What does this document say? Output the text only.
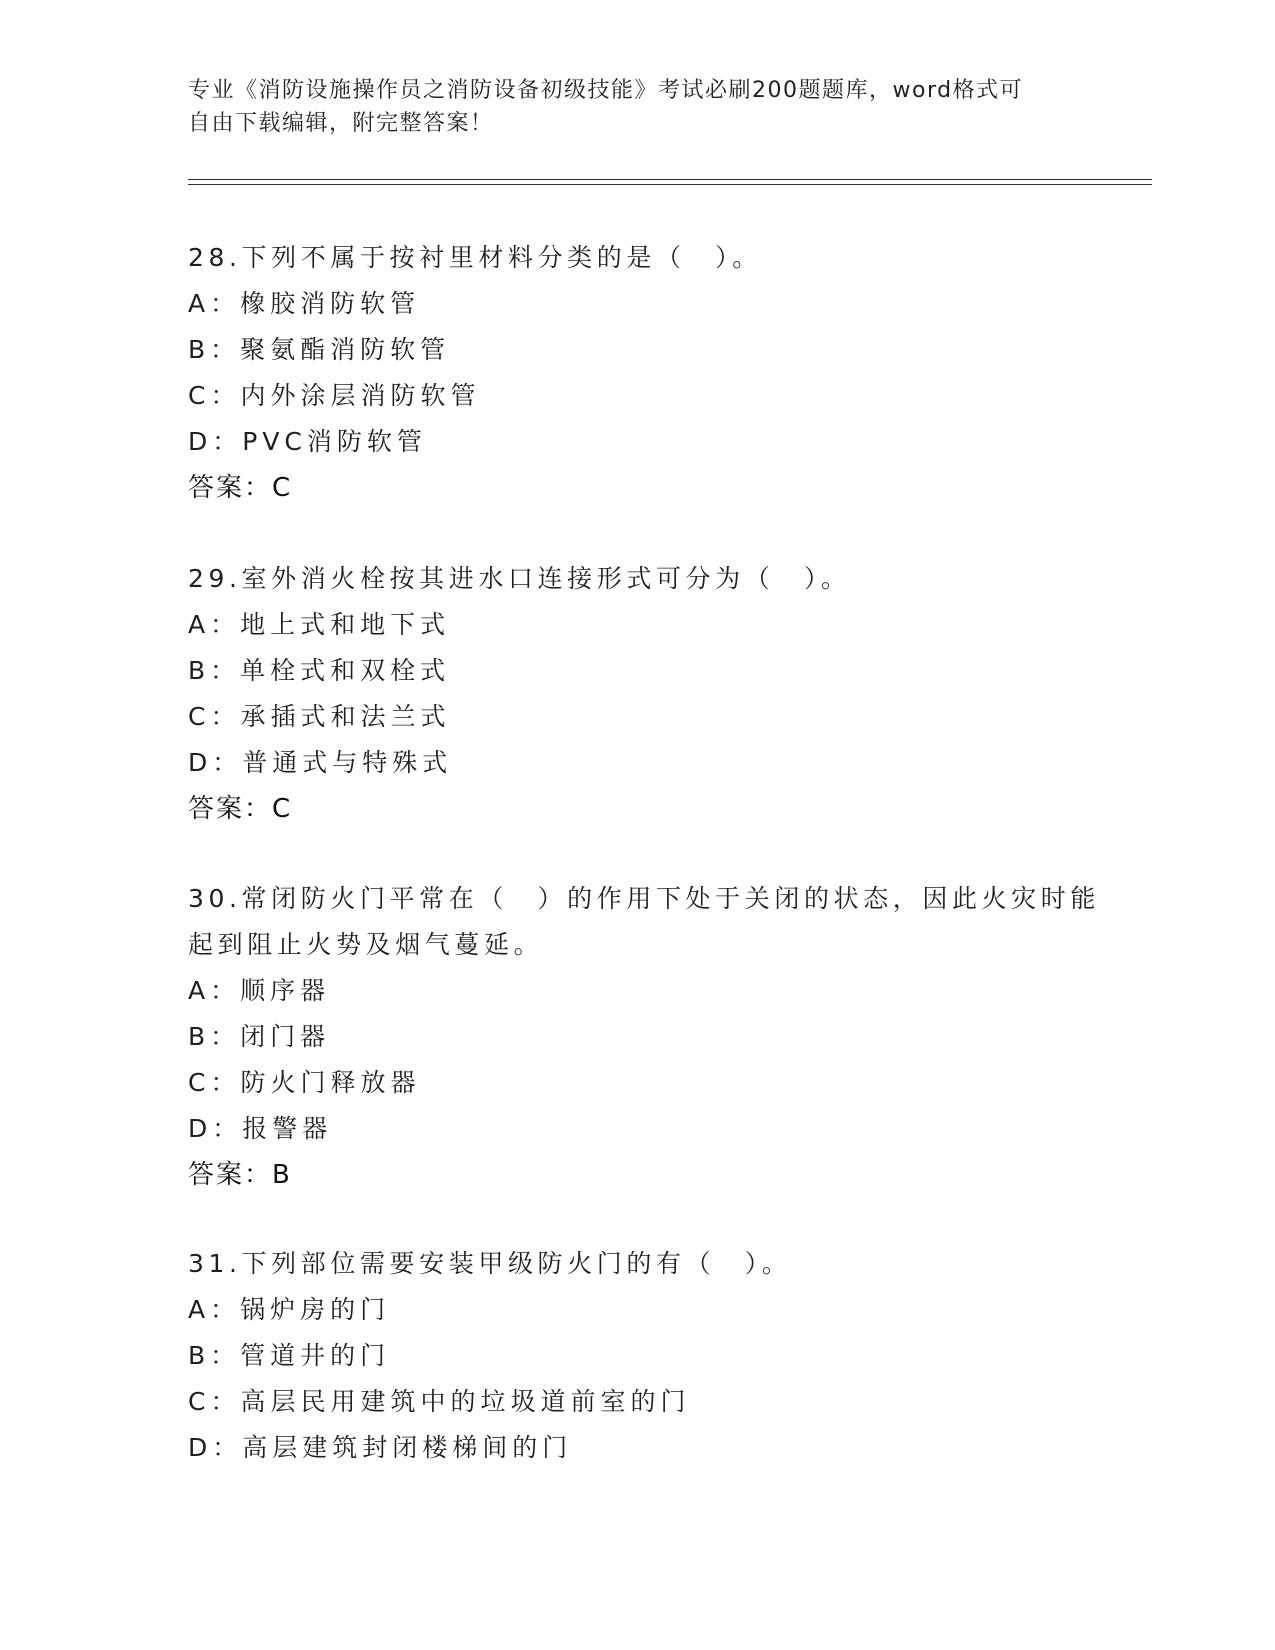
专业《消防设施操作员之消防设备初级技能》考试必刷200题题库，word格式可
自由下载编辑，附完整答案！
28.下列不属于按衬里材料分类的是（　）。
A：橡胶消防软管
B：聚氨酯消防软管
C：内外涂层消防软管
D：PVC消防软管
答案：C
29.室外消火栓按其进水口连接形式可分为（　）。
A：地上式和地下式
B：单栓式和双栓式
C：承插式和法兰式
D：普通式与特殊式
答案：C
30.常闭防火门平常在（　）的作用下处于关闭的状态，因此火灾时能
起到阻止火势及烟气蔓延。
A：顺序器
B：闭门器
C：防火门释放器
D：报警器
答案：B
31.下列部位需要安装甲级防火门的有（　）。
A：锅炉房的门
B：管道井的门
C：高层民用建筑中的垃圾道前室的门
D：高层建筑封闭楼梯间的门
